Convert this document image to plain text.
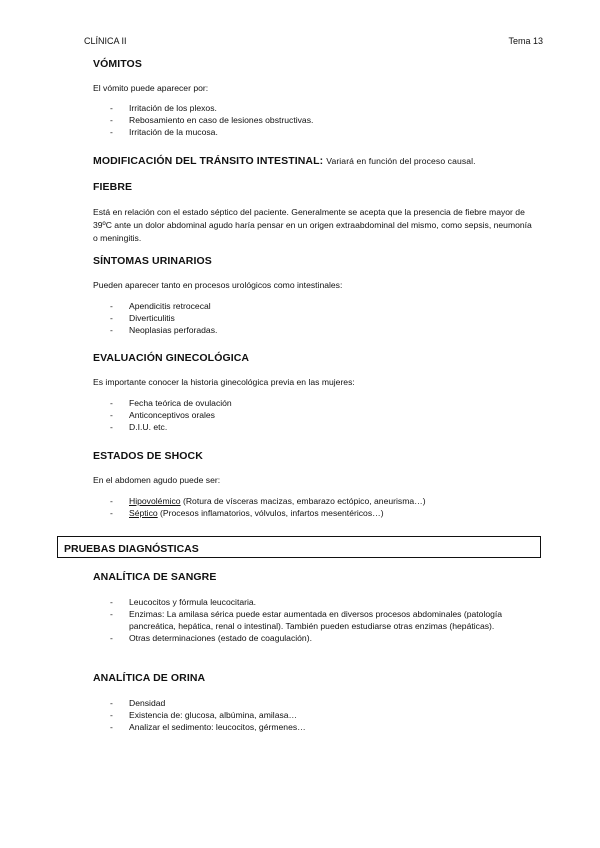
CLÍNICA II	Tema 13
VÓMITOS

El vómito puede aparecer por:

- Irritación de los plexos.
- Rebosamiento en caso de lesiones obstructivas.
- Irritación de la mucosa.
MODIFICACIÓN DEL TRÁNSITO INTESTINAL: Variará en función del proceso causal.
FIEBRE

Está en relación con el estado séptico del paciente. Generalmente se acepta que la presencia de fiebre mayor de 39ºC ante un dolor abdominal agudo haría pensar en un origen extraabdominal del mismo, como sepsis, neumonía o meningitis.

SÍNTOMAS URINARIOS

Pueden aparecer tanto en procesos urológicos como intestinales:

- Apendicitis retrocecal
- Diverticulitis
- Neoplasias perforadas.
EVALUACIÓN GINECOLÓGICA

Es importante conocer la historia ginecológica previa en las mujeres:

- Fecha teórica de ovulación
- Anticonceptivos orales
- D.I.U. etc.
ESTADOS DE SHOCK

En el abdomen agudo puede ser:

- Hipovolémico (Rotura de vísceras macizas, embarazo ectópico, aneurisma…)
- Séptico (Procesos inflamatorios, vólvulos, infartos mesentéricos…)
PRUEBAS DIAGNÓSTICAS
ANALÍTICA DE SANGRE
- Leucocitos y fórmula leucocitaria.
- Enzimas: La amilasa sérica puede estar aumentada en diversos procesos abdominales (patología pancreática, hepática, renal o intestinal). También pueden estudiarse otras enzimas (hepáticas).
- Otras determinaciones (estado de coagulación).
ANALÍTICA DE ORINA
- Densidad
- Existencia de: glucosa, albúmina, amilasa…
- Analizar el sedimento: leucocitos, gérmenes…
